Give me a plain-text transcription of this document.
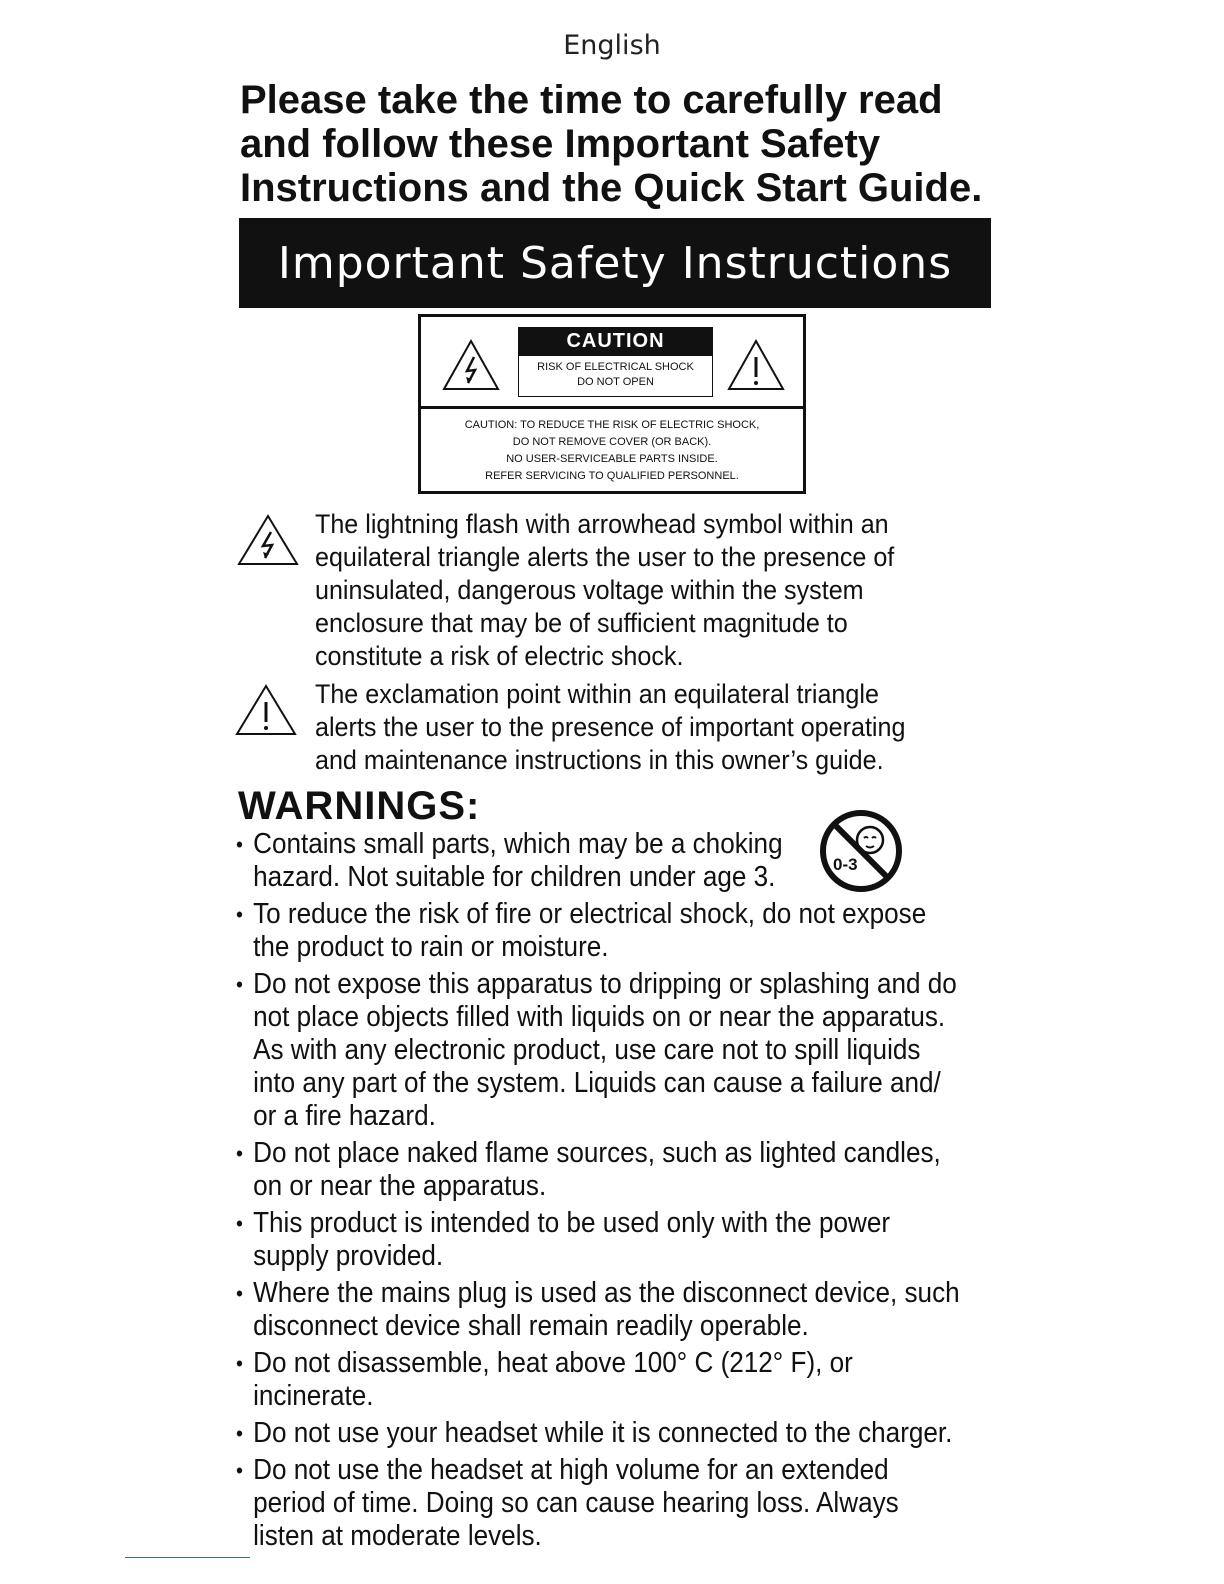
English
Please take the time to carefully read
and follow these Important Safety
Instructions and the Quick Start Guide.
Important Safety Instructions
CAUTION
RISK OF ELECTRICAL SHOCK
DO NOT OPEN
CAUTION: TO REDUCE THE RISK OF ELECTRIC SHOCK,
DO NOT REMOVE COVER (OR BACK).
NO USER-SERVICEABLE PARTS INSIDE.
REFER SERVICING TO QUALIFIED PERSONNEL.
The lightning flash with arrowhead symbol within an
equilateral triangle alerts the user to the presence of
uninsulated, dangerous voltage within the system
enclosure that may be of sufficient magnitude to
constitute a risk of electric shock.
The exclamation point within an equilateral triangle
alerts the user to the presence of important operating
and maintenance instructions in this owner’s guide.
WARNINGS:
0-3
• Contains small parts, which may be a choking
hazard. Not suitable for children under age 3.
• To reduce the risk of fire or electrical shock, do not expose
the product to rain or moisture.
• Do not expose this apparatus to dripping or splashing and do
not place objects filled with liquids on or near the apparatus.
As with any electronic product, use care not to spill liquids
into any part of the system. Liquids can cause a failure and/
or a fire hazard.
• Do not place naked flame sources, such as lighted candles,
on or near the apparatus.
• This product is intended to be used only with the power
supply provided.
• Where the mains plug is used as the disconnect device, such
disconnect device shall remain readily operable.
• Do not disassemble, heat above 100° C (212° F), or
incinerate.
• Do not use your headset while it is connected to the charger.
• Do not use the headset at high volume for an extended
period of time. Doing so can cause hearing loss. Always
listen at moderate levels.
